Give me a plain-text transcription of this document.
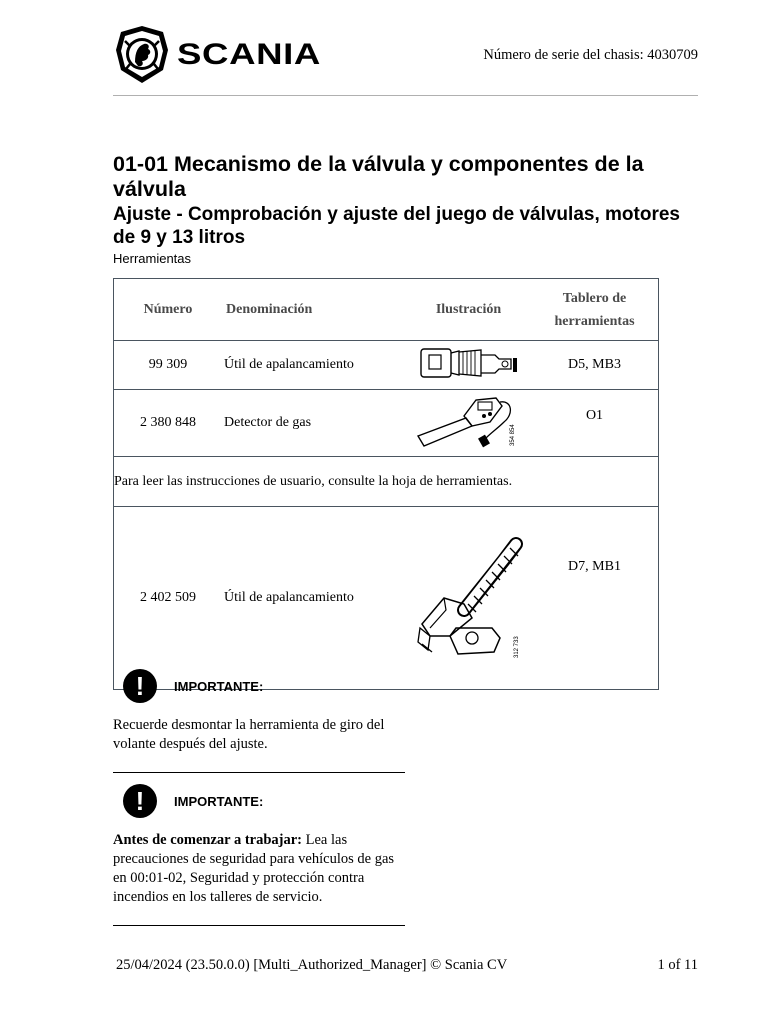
SCANIA	Número de serie del chasis: 4030709
01-01 Mecanismo de la válvula y componentes de la válvula
Ajuste - Comprobación y ajuste del juego de válvulas, motores de 9 y 13 litros
Herramientas
Número	Denominación	Ilustración	Tablero de herramientas
99 309	Útil de apalancamiento		D5, MB3
2 380 848	Detector de gas	354 854	O1
Para leer las instrucciones de usuario, consulte la hoja de herramientas.			
2 402 509	Útil de apalancamiento	312 733	D7, MB1
!	IMPORTANTE:
Recuerde desmontar la herramienta de giro del volante después del ajuste.
!	IMPORTANTE:
Antes de comenzar a trabajar: Lea las precauciones de seguridad para vehículos de gas en 00:01-02, Seguridad y protección contra incendios en los talleres de servicio.
25/04/2024 (23.50.0.0) [Multi_Authorized_Manager] © Scania CV	1 of 11
